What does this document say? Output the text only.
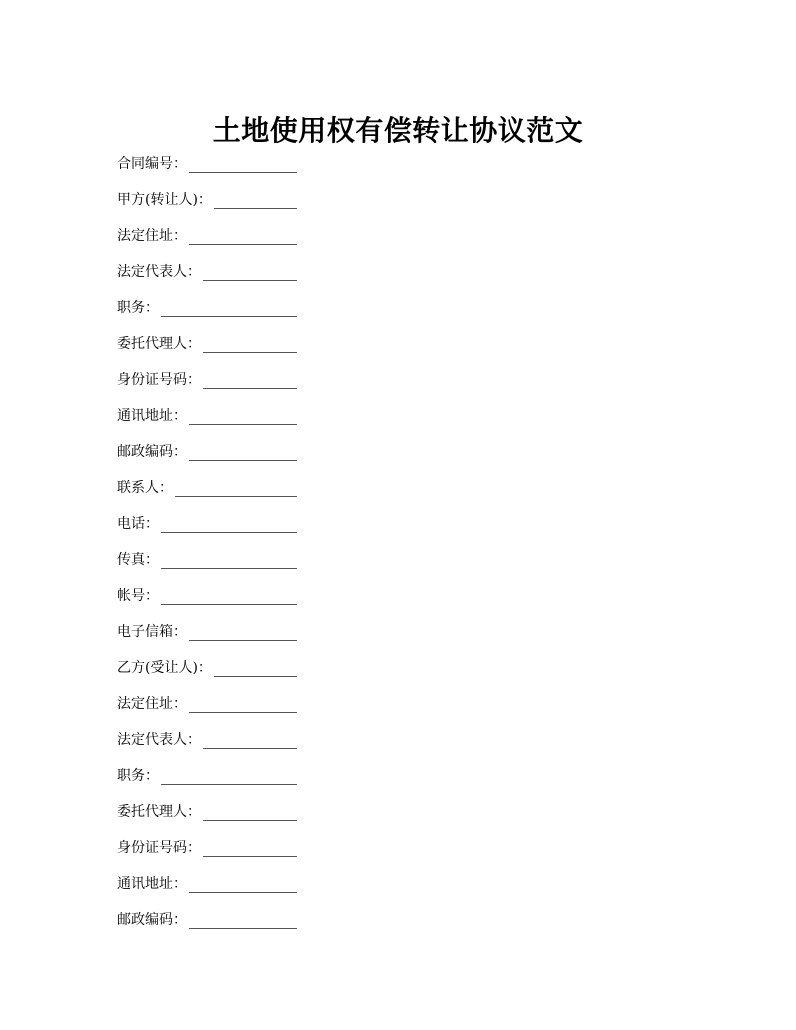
土地使用权有偿转让协议范文
合同编号：
甲方(转让人)：
法定住址：
法定代表人：
职务：
委托代理人：
身份证号码：
通讯地址：
邮政编码：
联系人：
电话：
传真：
帐号：
电子信箱：
乙方(受让人)：
法定住址：
法定代表人：
职务：
委托代理人：
身份证号码：
通讯地址：
邮政编码：
